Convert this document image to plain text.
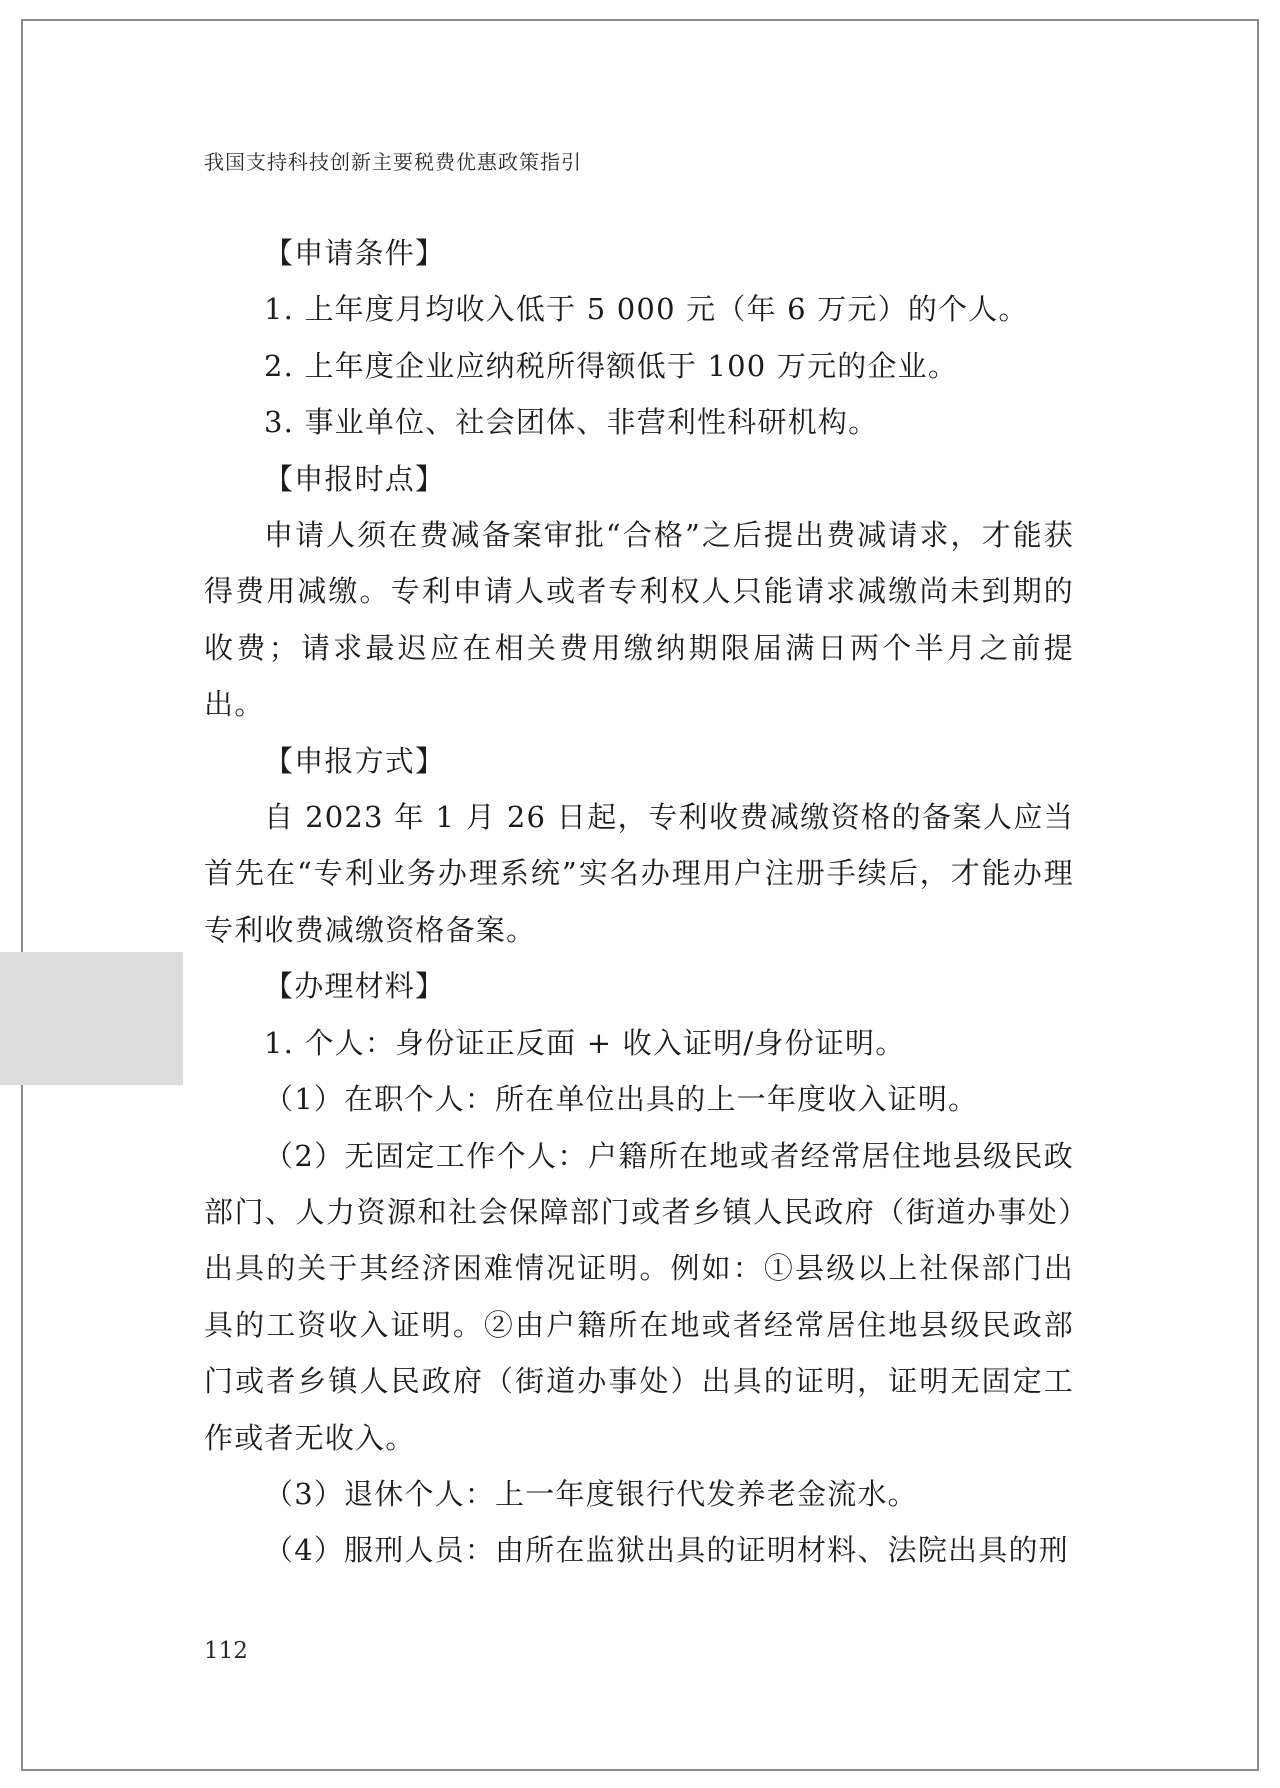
我国支持科技创新主要税费优惠政策指引

【申请条件】

1. 上年度月均收入低于 5 000 元（年 6 万元）的个人。

2. 上年度企业应纳税所得额低于 100 万元的企业。

3. 事业单位、社会团体、非营利性科研机构。

【申报时点】

申请人须在费减备案审批“合格”之后提出费减请求，才能获得费用减缴。专利申请人或者专利权人只能请求减缴尚未到期的收费；请求最迟应在相关费用缴纳期限届满日两个半月之前提出。

【申报方式】

自 2023 年 1 月 26 日起，专利收费减缴资格的备案人应当首先在“专利业务办理系统”实名办理用户注册手续后，才能办理专利收费减缴资格备案。

【办理材料】

1. 个人：身份证正反面 + 收入证明/身份证明。

（1）在职个人：所在单位出具的上一年度收入证明。

（2）无固定工作个人：户籍所在地或者经常居住地县级民政部门、人力资源和社会保障部门或者乡镇人民政府（街道办事处）出具的关于其经济困难情况证明。例如：①县级以上社保部门出具的工资收入证明。②由户籍所在地或者经常居住地县级民政部门或者乡镇人民政府（街道办事处）出具的证明，证明无固定工作或者无收入。

（3）退休个人：上一年度银行代发养老金流水。

（4）服刑人员：由所在监狱出具的证明材料、法院出具的刑

112
